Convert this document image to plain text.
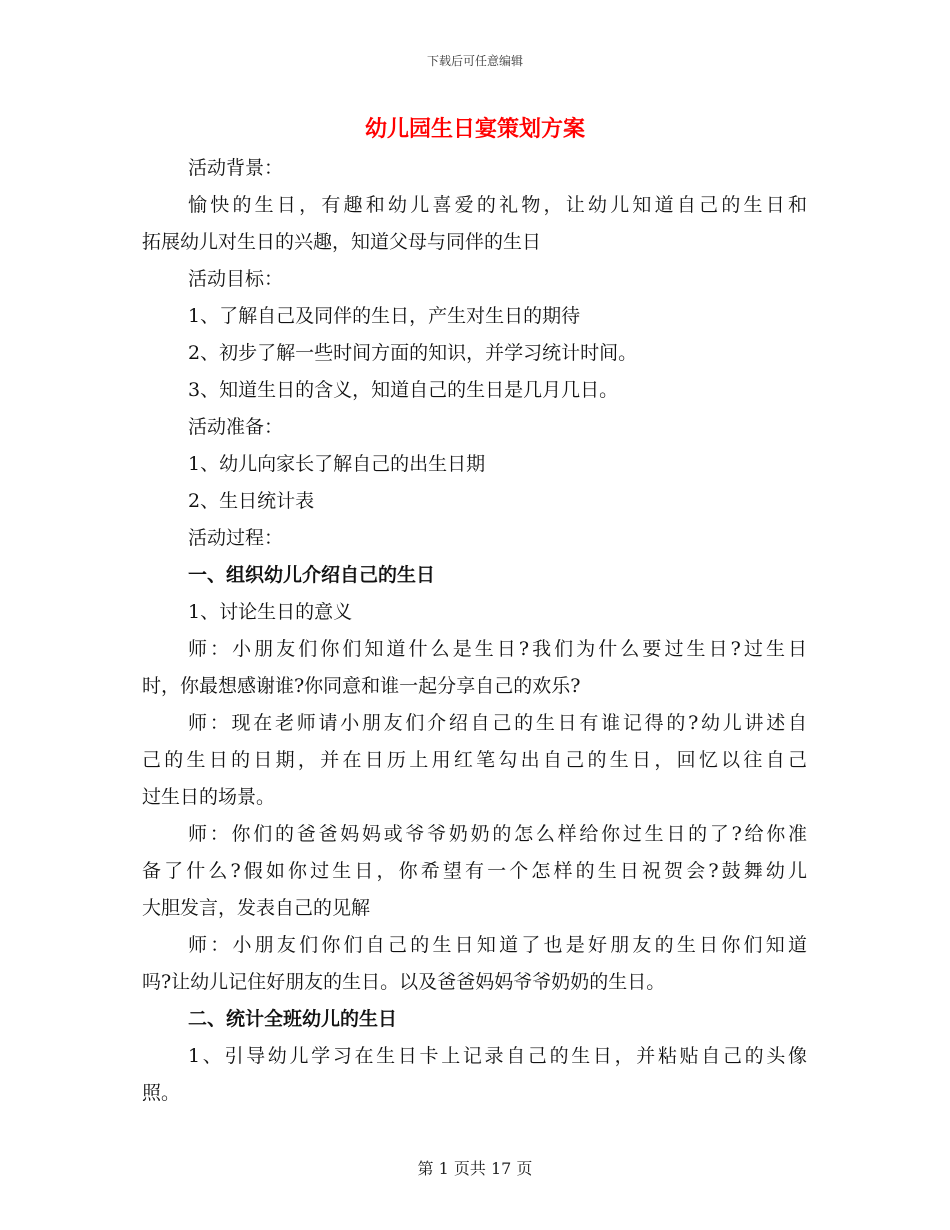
下载后可任意编辑
幼儿园生日宴策划方案
活动背景：
愉快的生日，有趣和幼儿喜爱的礼物，让幼儿知道自己的生日和
拓展幼儿对生日的兴趣，知道父母与同伴的生日
活动目标：
1、了解自己及同伴的生日，产生对生日的期待
2、初步了解一些时间方面的知识，并学习统计时间。
3、知道生日的含义，知道自己的生日是几月几日。
活动准备：
1、幼儿向家长了解自己的出生日期
2、生日统计表
活动过程：
一、组织幼儿介绍自己的生日
1、讨论生日的意义
师：小朋友们你们知道什么是生日?我们为什么要过生日?过生日
时，你最想感谢谁?你同意和谁一起分享自己的欢乐?
师：现在老师请小朋友们介绍自己的生日有谁记得的?幼儿讲述自
己的生日的日期，并在日历上用红笔勾出自己的生日，回忆以往自己
过生日的场景。
师：你们的爸爸妈妈或爷爷奶奶的怎么样给你过生日的了?给你准
备了什么?假如你过生日，你希望有一个怎样的生日祝贺会?鼓舞幼儿
大胆发言，发表自己的见解
师：小朋友们你们自己的生日知道了也是好朋友的生日你们知道
吗?让幼儿记住好朋友的生日。以及爸爸妈妈爷爷奶奶的生日。
二、统计全班幼儿的生日
1、引导幼儿学习在生日卡上记录自己的生日，并粘贴自己的头像
照。
第 1 页共 17 页
